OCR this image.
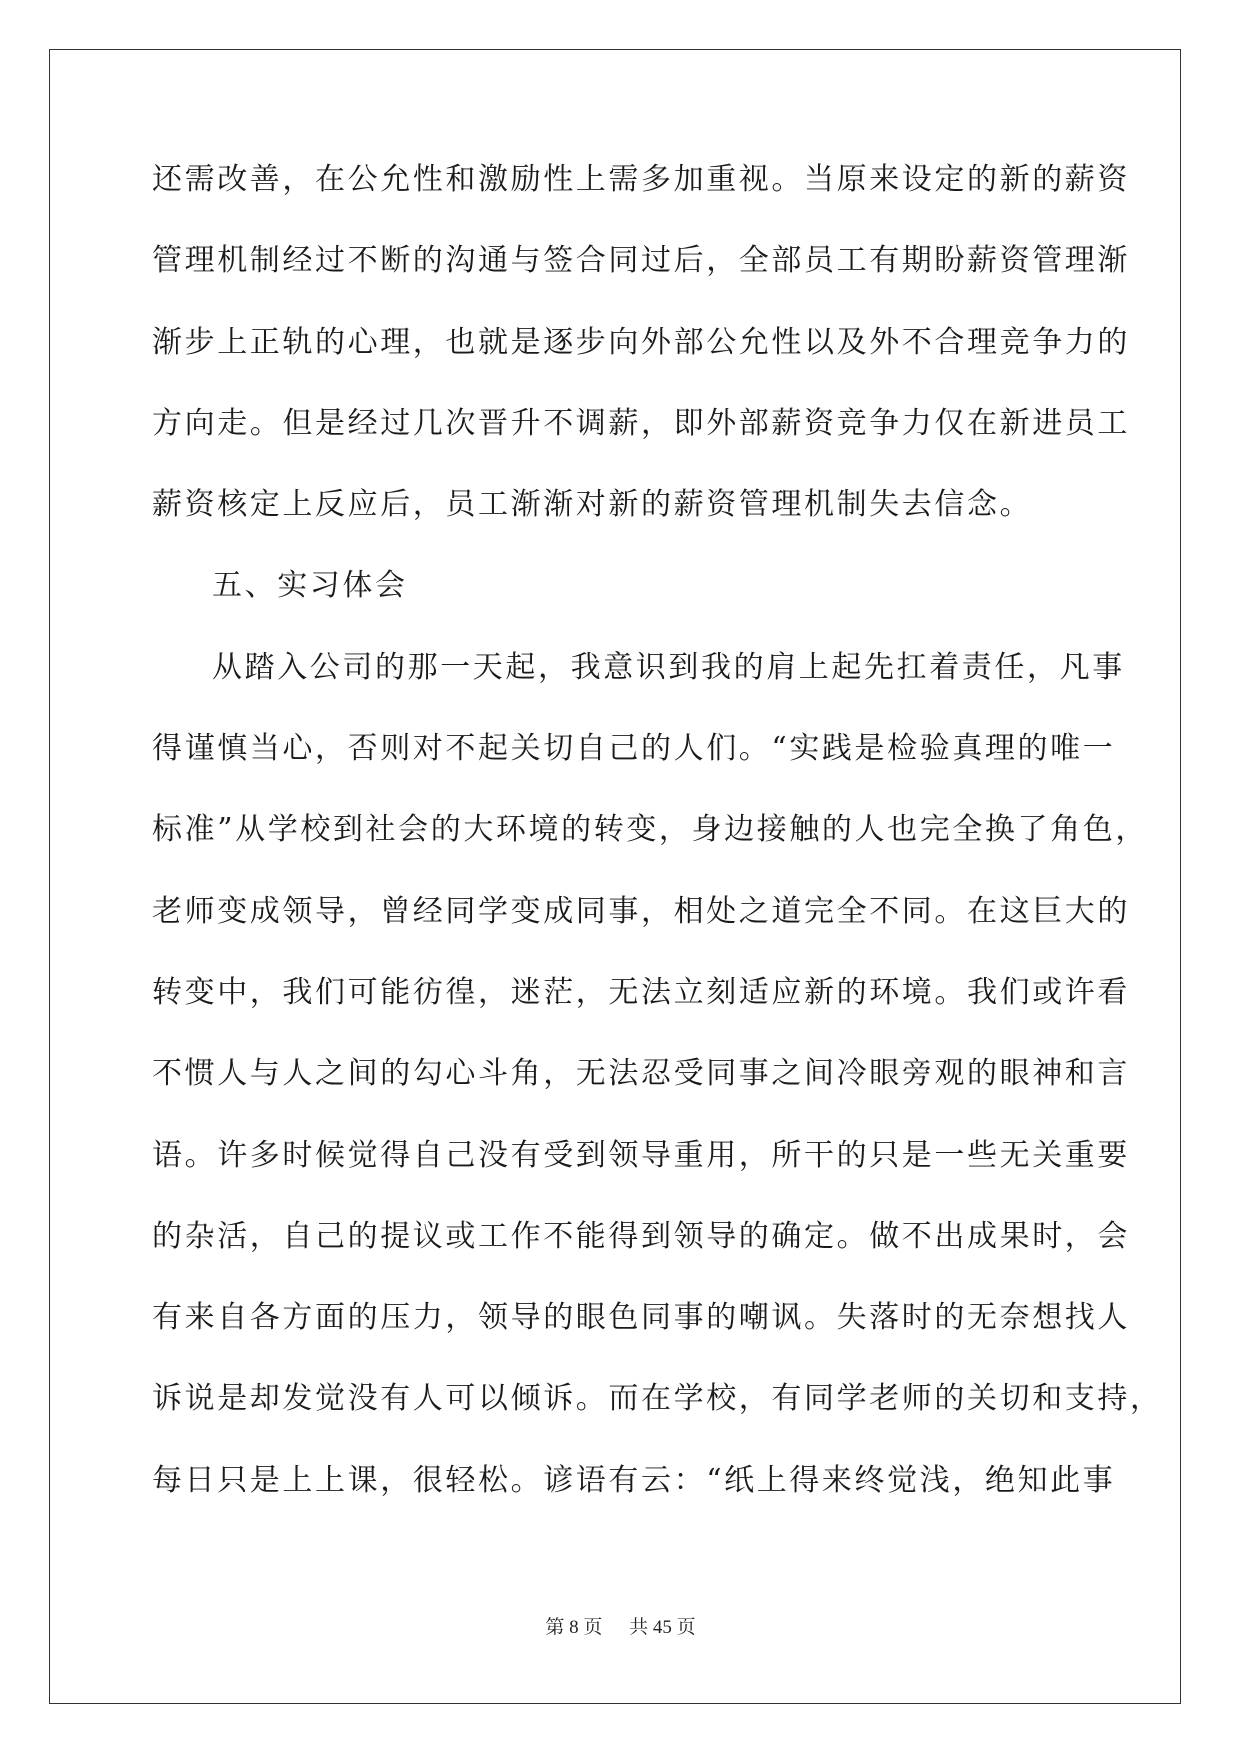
还需改善，在公允性和激励性上需多加重视。当原来设定的新的薪资
管理机制经过不断的沟通与签合同过后，全部员工有期盼薪资管理渐
渐步上正轨的心理，也就是逐步向外部公允性以及外不合理竞争力的
方向走。但是经过几次晋升不调薪，即外部薪资竞争力仅在新进员工
薪资核定上反应后，员工渐渐对新的薪资管理机制失去信念。
五、实习体会
从踏入公司的那一天起，我意识到我的肩上起先扛着责任，凡事
得谨慎当心，否则对不起关切自己的人们。“实践是检验真理的唯一
标准”从学校到社会的大环境的转变，身边接触的人也完全换了角色，
老师变成领导，曾经同学变成同事，相处之道完全不同。在这巨大的
转变中，我们可能彷徨，迷茫，无法立刻适应新的环境。我们或许看
不惯人与人之间的勾心斗角，无法忍受同事之间冷眼旁观的眼神和言
语。许多时候觉得自己没有受到领导重用，所干的只是一些无关重要
的杂活，自己的提议或工作不能得到领导的确定。做不出成果时，会
有来自各方面的压力，领导的眼色同事的嘲讽。失落时的无奈想找人
诉说是却发觉没有人可以倾诉。而在学校，有同学老师的关切和支持，
每日只是上上课，很轻松。谚语有云：“纸上得来终觉浅，绝知此事
第 8 页 共 45 页
